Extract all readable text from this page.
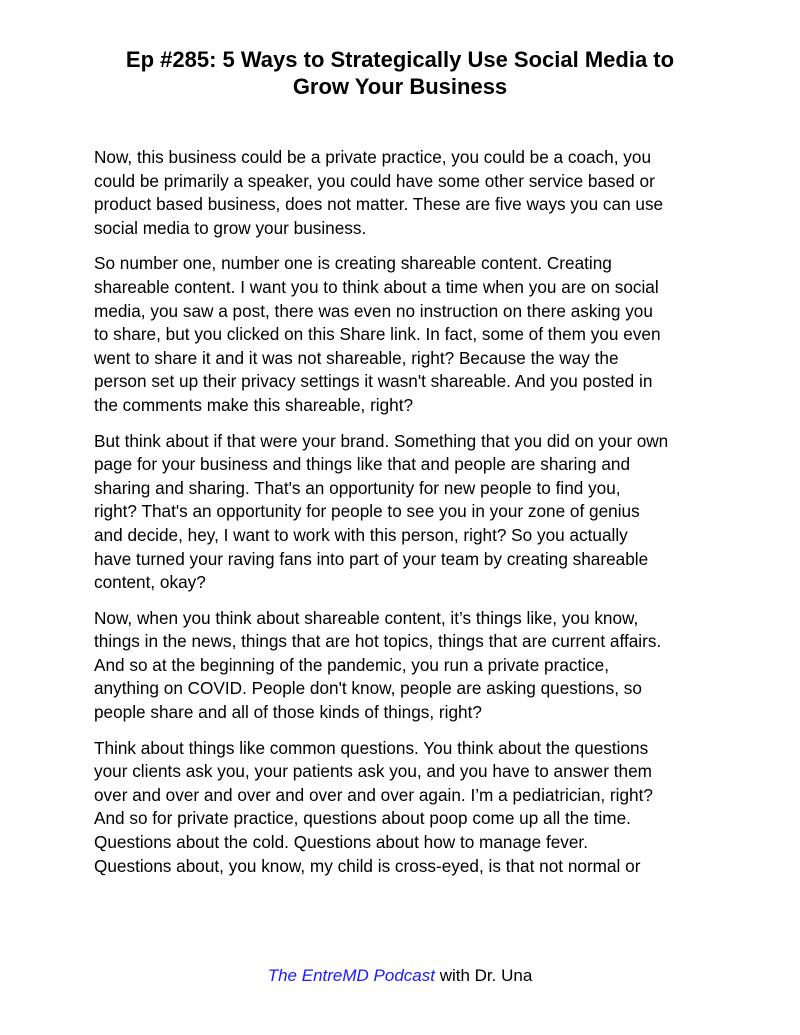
Ep #285: 5 Ways to Strategically Use Social Media to
Grow Your Business

Now, this business could be a private practice, you could be a coach, you
could be primarily a speaker, you could have some other service based or
product based business, does not matter. These are five ways you can use
social media to grow your business.

So number one, number one is creating shareable content. Creating
shareable content. I want you to think about a time when you are on social
media, you saw a post, there was even no instruction on there asking you
to share, but you clicked on this Share link. In fact, some of them you even
went to share it and it was not shareable, right? Because the way the
person set up their privacy settings it wasn't shareable. And you posted in
the comments make this shareable, right?

But think about if that were your brand. Something that you did on your own
page for your business and things like that and people are sharing and
sharing and sharing. That's an opportunity for new people to find you,
right? That's an opportunity for people to see you in your zone of genius
and decide, hey, I want to work with this person, right? So you actually
have turned your raving fans into part of your team by creating shareable
content, okay?

Now, when you think about shareable content, it’s things like, you know,
things in the news, things that are hot topics, things that are current affairs.
And so at the beginning of the pandemic, you run a private practice,
anything on COVID. People don't know, people are asking questions, so
people share and all of those kinds of things, right?

Think about things like common questions. You think about the questions
your clients ask you, your patients ask you, and you have to answer them
over and over and over and over and over again. I’m a pediatrician, right?
And so for private practice, questions about poop come up all the time.
Questions about the cold. Questions about how to manage fever.
Questions about, you know, my child is cross-eyed, is that not normal or

The EntreMD Podcast with Dr. Una
